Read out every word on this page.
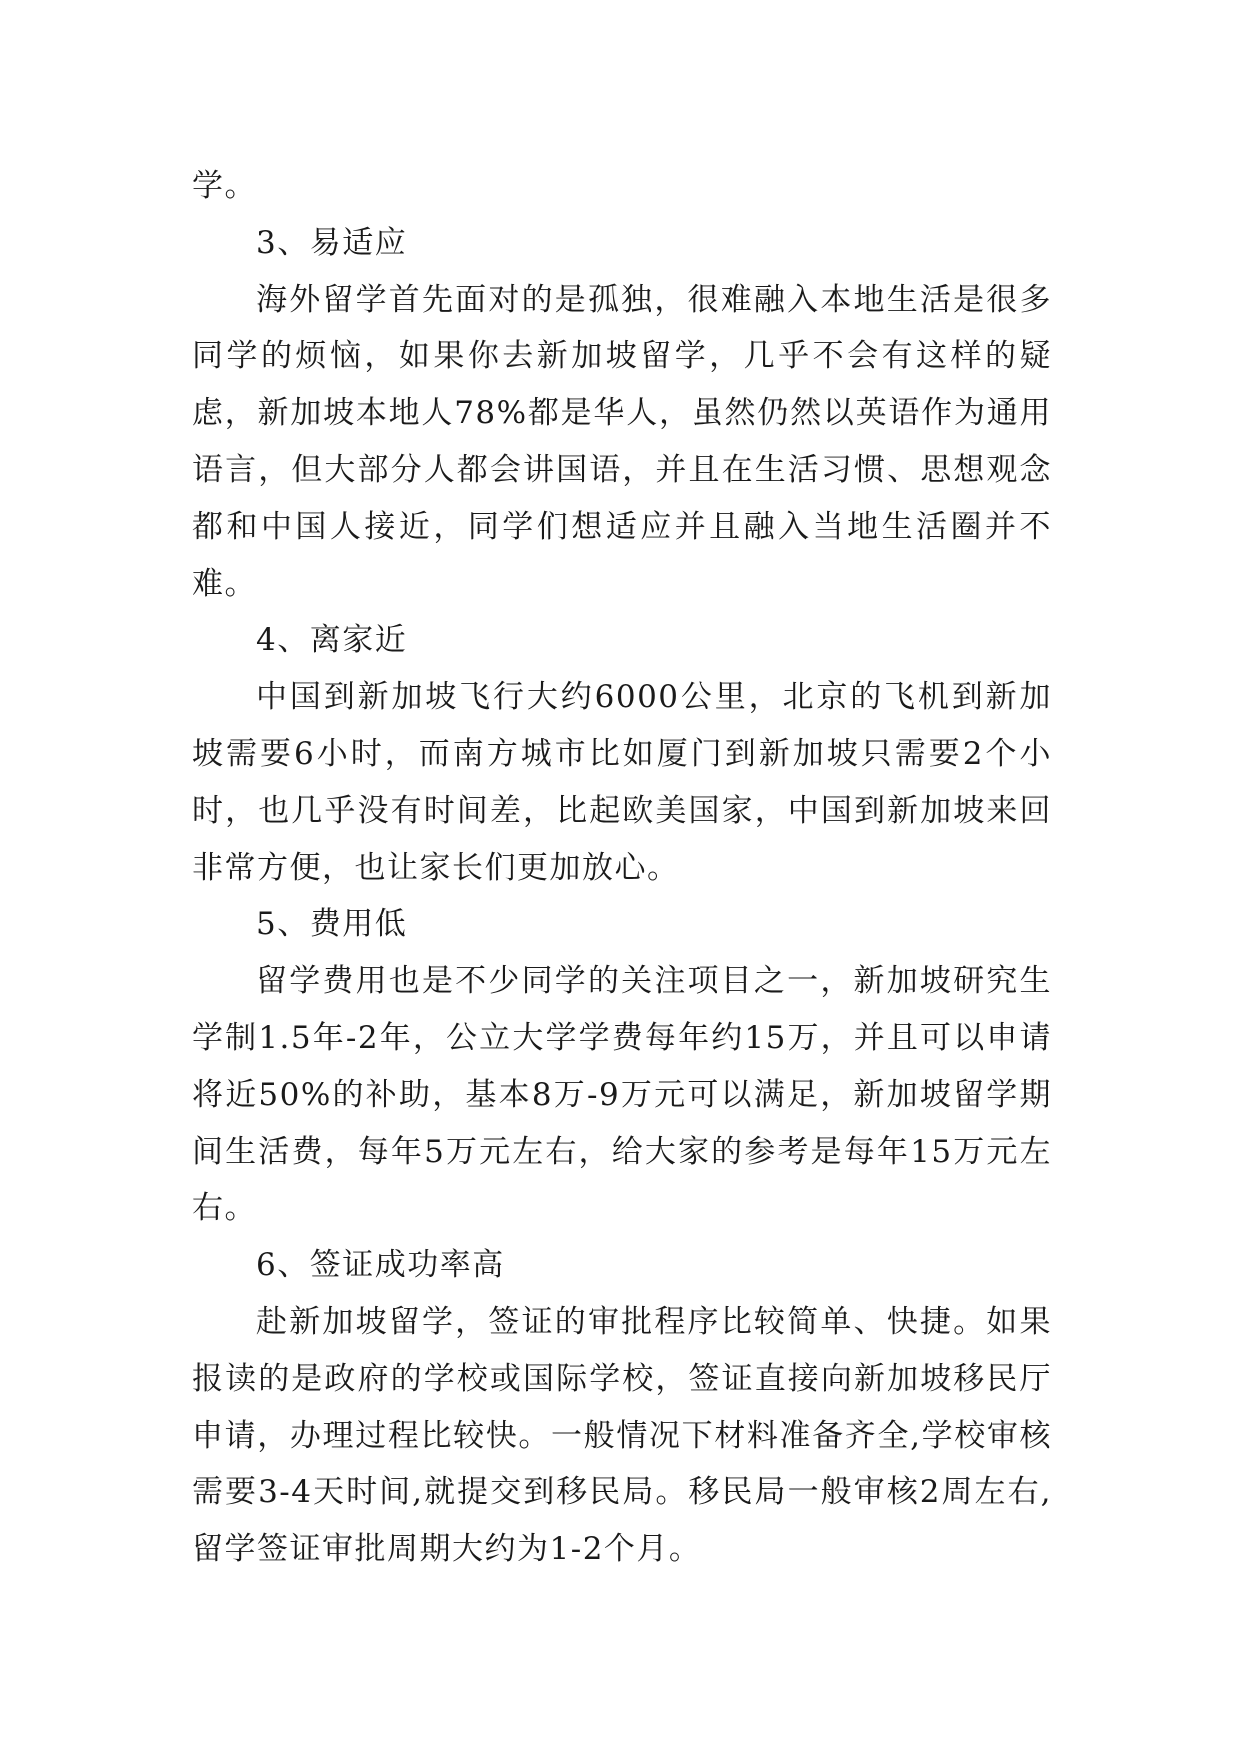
学。

3、易适应

海外留学首先面对的是孤独，很难融入本地生活是很多同学的烦恼，如果你去新加坡留学，几乎不会有这样的疑虑，新加坡本地人78%都是华人，虽然仍然以英语作为通用语言，但大部分人都会讲国语，并且在生活习惯、思想观念都和中国人接近，同学们想适应并且融入当地生活圈并不难。

4、离家近

中国到新加坡飞行大约6000公里，北京的飞机到新加坡需要6小时，而南方城市比如厦门到新加坡只需要2个小时，也几乎没有时间差，比起欧美国家，中国到新加坡来回非常方便，也让家长们更加放心。

5、费用低

留学费用也是不少同学的关注项目之一，新加坡研究生学制1.5年-2年，公立大学学费每年约15万，并且可以申请将近50%的补助，基本8万-9万元可以满足，新加坡留学期间生活费，每年5万元左右，给大家的参考是每年15万元左右。

6、签证成功率高

赴新加坡留学，签证的审批程序比较简单、快捷。如果报读的是政府的学校或国际学校，签证直接向新加坡移民厅申请，办理过程比较快。一般情况下材料准备齐全,学校审核需要3-4天时间,就提交到移民局。移民局一般审核2周左右,留学签证审批周期大约为1-2个月。
